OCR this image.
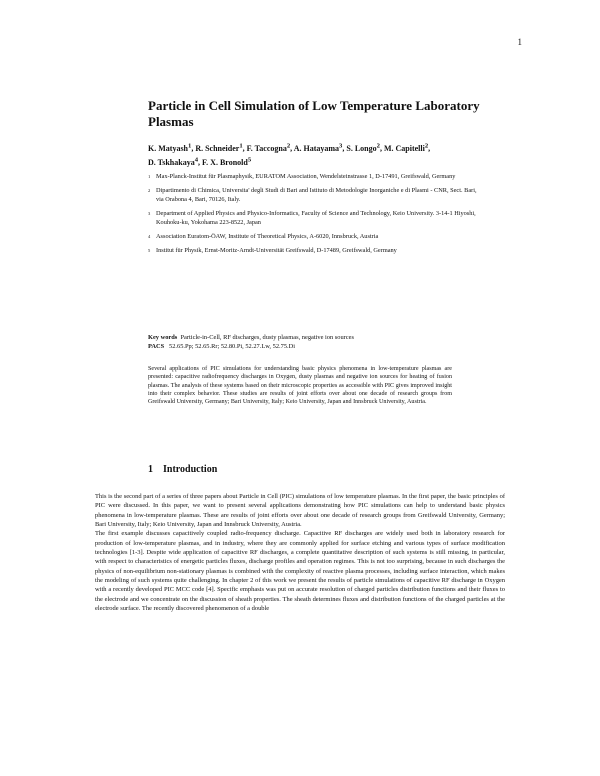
1
Particle in Cell Simulation of Low Temperature Laboratory Plasmas
K. Matyash$^1$, R. Schneider$^1$, F. Taccogna$^2$, A. Hatayama$^3$, S. Longo$^2$, M. Capitelli$^2$,
D. Tskhakaya$^4$, F. X. Bronold$^5$
1 Max-Planck-Institut für Plasmaphysik, EURATOM Association, Wendelsteinstrasse 1, D-17491, Greifswald, Germany
2 Dipartimento di Chimica, Universita' degli Studi di Bari and Istituto di Metodologie Inorganiche e di Plasmi - CNR, Sect. Bari, via Orabona 4, Bari, 70126, Italy.
3 Department of Applied Physics and Physico-Informatics, Faculty of Science and Technology, Keio University. 3-14-1 Hiyoshi, Kouhoku-ku, Yokohama 223-8522, Japan
4 Association Euratom-ÖAW, Institute of Theoretical Physics, A-6020, Innsbruck, Austria
5 Institut für Physik, Ernst-Moritz-Arndt-Universität Greifswald, D-17489, Greifswald, Germany
Key words Particle-in-Cell, RF discharges, dusty plasmas, negative ion sources
PACS 52.65.Pp; 52.65.Rr; 52.80.Pi, 52.27.Lw, 52.75.Di
Several applications of PIC simulations for understanding basic physics phenomena in low-temperature plasmas are presented: capacitive radiofrequency discharges in Oxygen, dusty plasmas and negative ion sources for heating of fusion plasmas. The analysis of these systems based on their microscopic properties as accessible with PIC gives improved insight into their complex behavior. These studies are results of joint efforts over about one decade of research groups from Greifswald University, Germany; Bari University, Italy; Keio University, Japan and Innsbruck University, Austria.
1 Introduction

This is the second part of a series of three papers about Particle in Cell (PIC) simulations of low temperature plasmas. In the first paper, the basic principles of PIC were discussed. In this paper, we want to present several applications demonstrating how PIC simulations can help to understand basic physics phenomena in low-temperature plasmas. These are results of joint efforts over about one decade of research groups from Greifswald University, Germany; Bari University, Italy; Keio University, Japan and Innsbruck University, Austria.

The first example discusses capacitively coupled radio-frequency discharge. Capacitive RF discharges are widely used both in laboratory research for production of low-temperature plasmas, and in industry, where they are commonly applied for surface etching and various types of surface modification technologies [1-3]. Despite wide application of capacitive RF discharges, a complete quantitative description of such systems is still missing, in particular, with respect to characteristics of energetic particles fluxes, discharge profiles and operation regimes. This is not too surprising, because in such discharges the physics of non-equilibrium non-stationary plasmas is combined with the complexity of reactive plasma processes, including surface interaction, which makes the modeling of such systems quite challenging. In chapter 2 of this work we present the results of particle simulations of capacitive RF discharge in Oxygen with a recently developed PIC MCC code [4]. Specific emphasis was put on accurate resolution of charged particles distribution functions and their fluxes to the electrode and we concentrate on the discussion of sheath properties. The sheath determines fluxes and distribution functions of the charged particles at the electrode surface. The recently discovered phenomenon of a double
